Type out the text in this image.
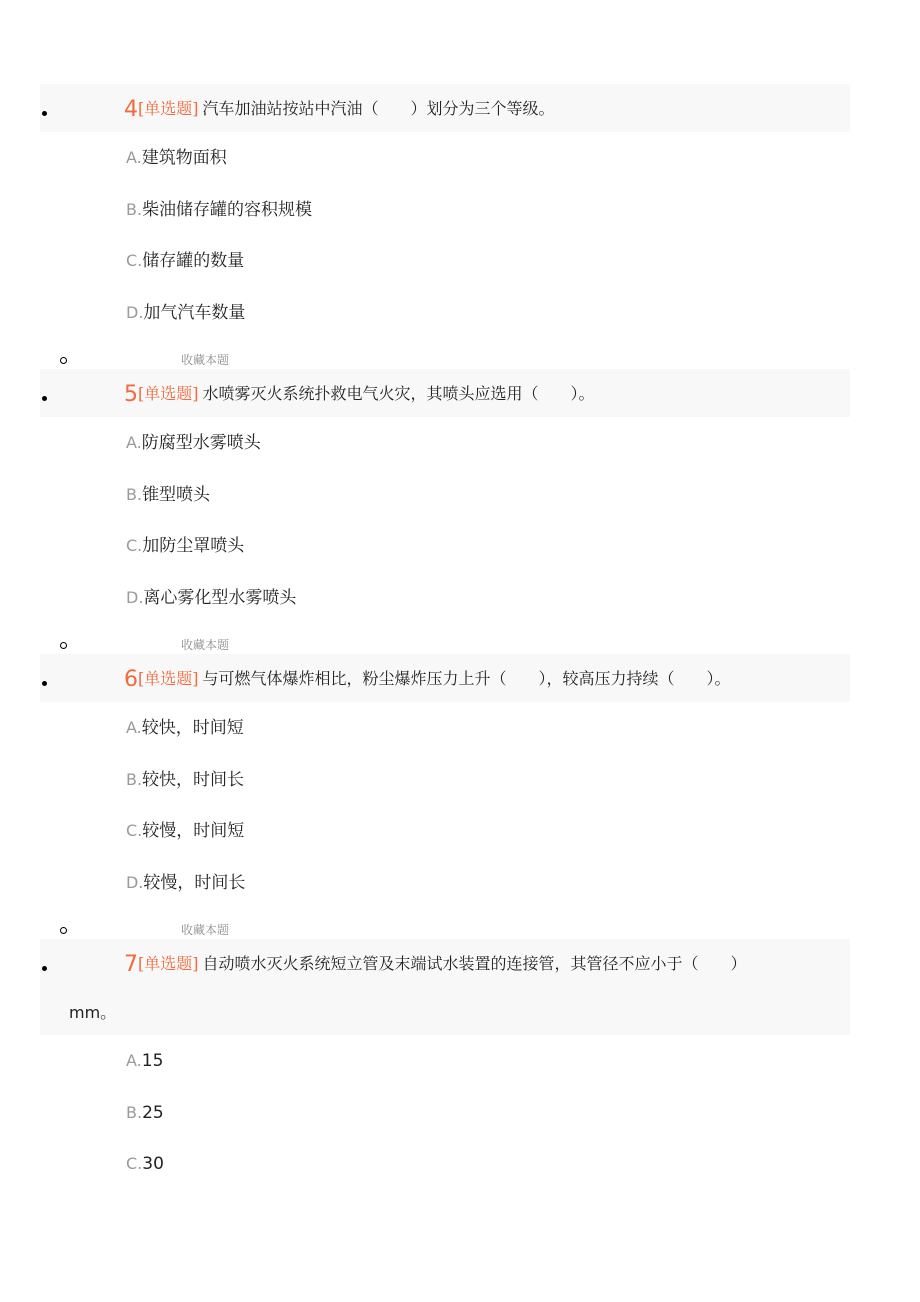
4[单选题] 汽车加油站按站中汽油（　　）划分为三个等级。
A.建筑物面积
B.柴油储存罐的容积规模
C.储存罐的数量
D.加气汽车数量
收藏本题
5[单选题] 水喷雾灭火系统扑救电气火灾，其喷头应选用（　　）。
A.防腐型水雾喷头
B.锥型喷头
C.加防尘罩喷头
D.离心雾化型水雾喷头
收藏本题
6[单选题] 与可燃气体爆炸相比，粉尘爆炸压力上升（　　），较高压力持续（　　）。
A.较快，时间短
B.较快，时间长
C.较慢，时间短
D.较慢，时间长
收藏本题
7[单选题] 自动喷水灭火系统短立管及末端试水装置的连接管，其管径不应小于（　　）
mm。
A.15
B.25
C.30
